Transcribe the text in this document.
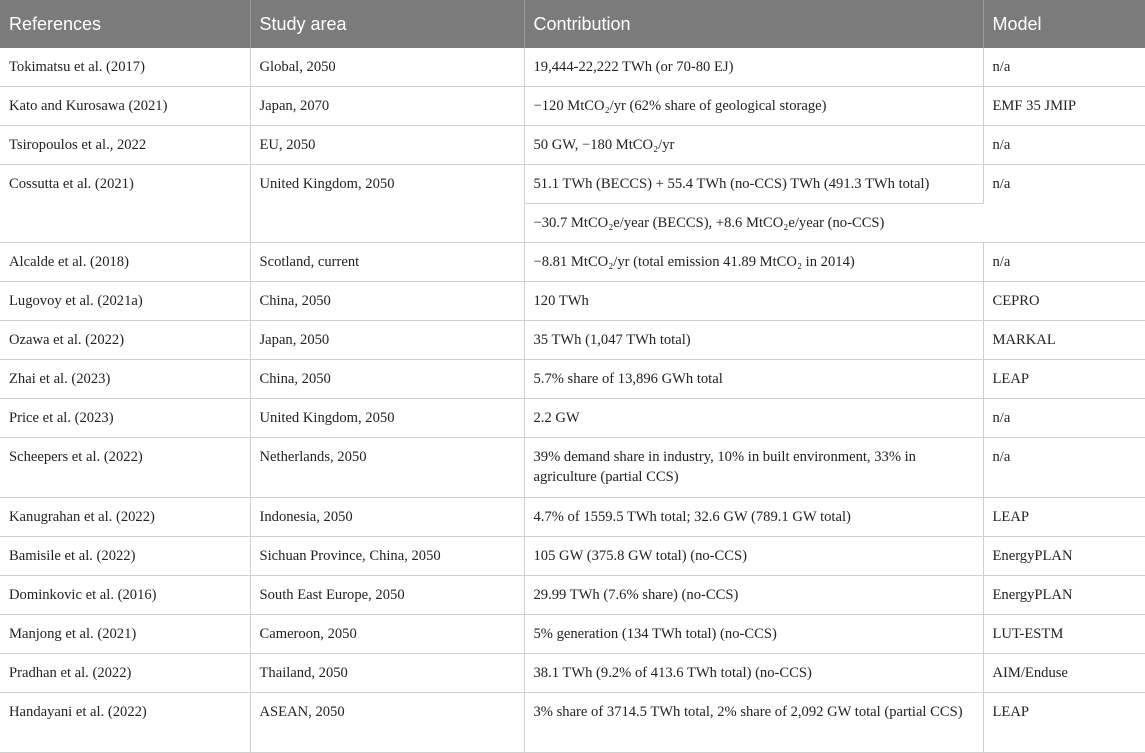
References	Study area	Contribution	Model
Tokimatsu et al. (2017)	Global, 2050	19,444-22,222 TWh (or 70-80 EJ)	n/a
Kato and Kurosawa (2021)	Japan, 2070	−120 MtCO₂/yr (62% share of geological storage)	EMF 35 JMIP
Tsiropoulos et al., 2022	EU, 2050	50 GW, −180 MtCO₂/yr	n/a
Cossutta et al. (2021)	United Kingdom, 2050	51.1 TWh (BECCS) + 55.4 TWh (no-CCS) TWh (491.3 TWh total)	n/a
		−30.7 MtCO₂e/year (BECCS), +8.6 MtCO₂e/year (no-CCS)	
Alcalde et al. (2018)	Scotland, current	−8.81 MtCO₂/yr (total emission 41.89 MtCO₂ in 2014)	n/a
Lugovoy et al. (2021a)	China, 2050	120 TWh	CEPRO
Ozawa et al. (2022)	Japan, 2050	35 TWh (1,047 TWh total)	MARKAL
Zhai et al. (2023)	China, 2050	5.7% share of 13,896 GWh total	LEAP
Price et al. (2023)	United Kingdom, 2050	2.2 GW	n/a
Scheepers et al. (2022)	Netherlands, 2050	39% demand share in industry, 10% in built environment, 33% in agriculture (partial CCS)	n/a
Kanugrahan et al. (2022)	Indonesia, 2050	4.7% of 1559.5 TWh total; 32.6 GW (789.1 GW total)	LEAP
Bamisile et al. (2022)	Sichuan Province, China, 2050	105 GW (375.8 GW total) (no-CCS)	EnergyPLAN
Dominkovic et al. (2016)	South East Europe, 2050	29.99 TWh (7.6% share) (no-CCS)	EnergyPLAN
Manjong et al. (2021)	Cameroon, 2050	5% generation (134 TWh total) (no-CCS)	LUT-ESTM
Pradhan et al. (2022)	Thailand, 2050	38.1 TWh (9.2% of 413.6 TWh total) (no-CCS)	AIM/Enduse
Handayani et al. (2022)	ASEAN, 2050	3% share of 3714.5 TWh total, 2% share of 2,092 GW total (partial CCS)	LEAP
